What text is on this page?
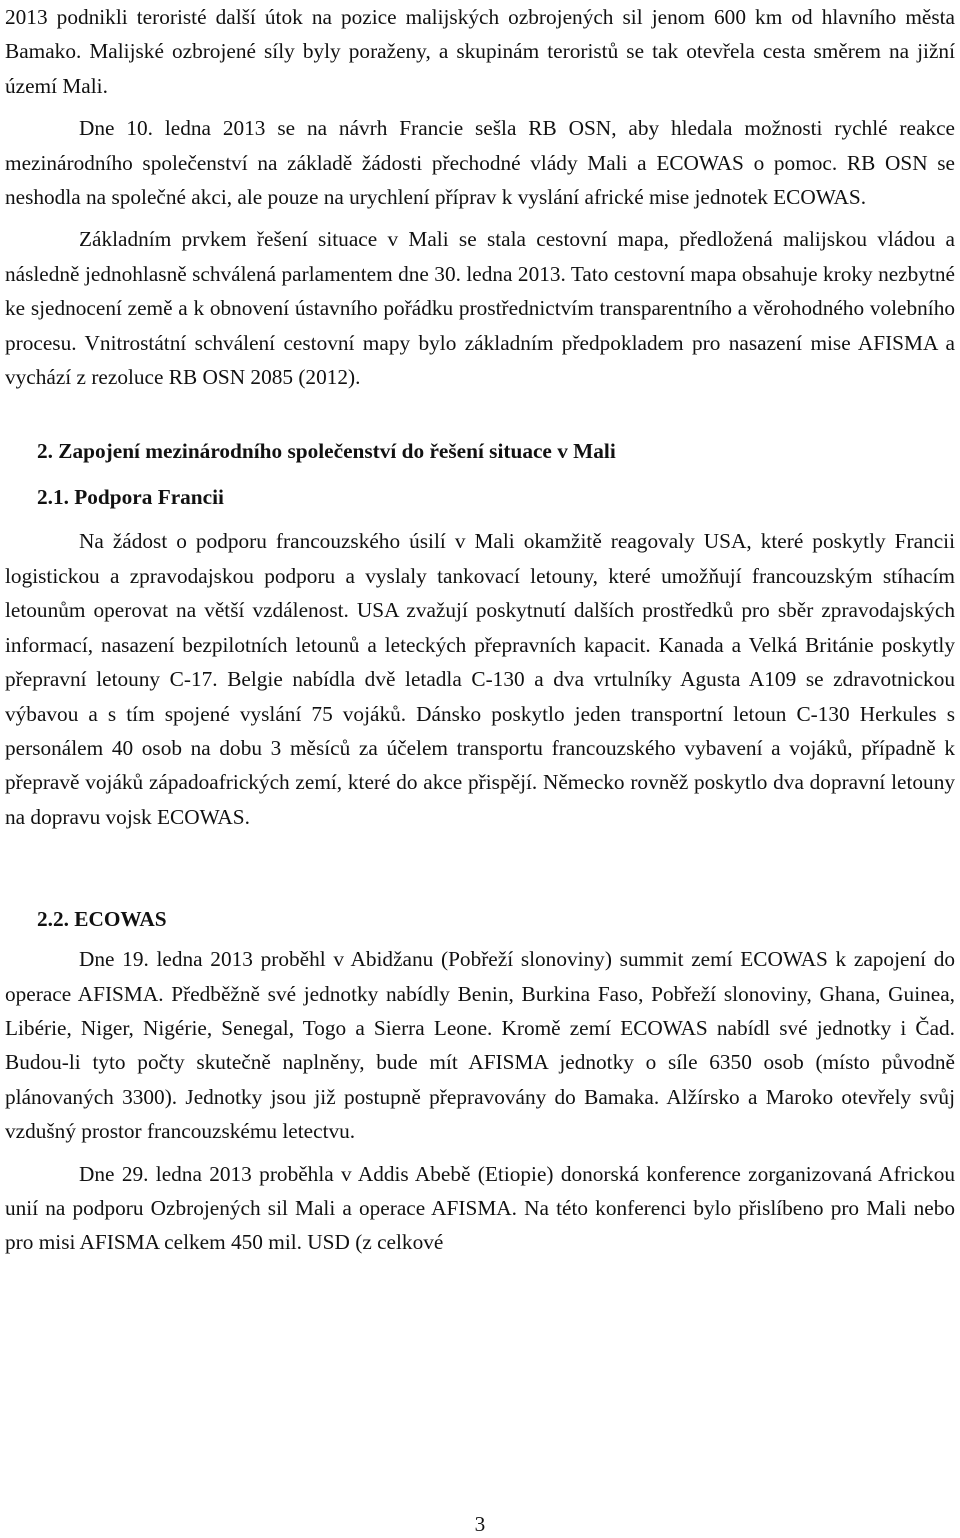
2013 podnikli teroristé další útok na pozice malijských ozbrojených sil jenom 600 km od hlavního města Bamako. Malijské ozbrojené síly byly poraženy, a skupinám teroristů se tak otevřela cesta směrem na jižní území Mali.

Dne 10. ledna 2013 se na návrh Francie sešla RB OSN, aby hledala možnosti rychlé reakce mezinárodního společenství na základě žádosti přechodné vlády Mali a ECOWAS o pomoc. RB OSN se neshodla na společné akci, ale pouze na urychlení příprav k vyslání africké mise jednotek ECOWAS.

Základním prvkem řešení situace v Mali se stala cestovní mapa, předložená malijskou vládou a následně jednohlasně schválená parlamentem dne 30. ledna 2013. Tato cestovní mapa obsahuje kroky nezbytné ke sjednocení země a k obnovení ústavního pořádku prostřednictvím transparentního a věrohodného volebního procesu. Vnitrostátní schválení cestovní mapy bylo základním předpokladem pro nasazení mise AFISMA a vychází z rezoluce RB OSN 2085 (2012).

2. Zapojení mezinárodního společenství do řešení situace v Mali

2.1. Podpora Francii

Na žádost o podporu francouzského úsilí v Mali okamžitě reagovaly USA, které poskytly Francii logistickou a zpravodajskou podporu a vyslaly tankovací letouny, které umožňují francouzským stíhacím letounům operovat na větší vzdálenost. USA zvažují poskytnutí dalších prostředků pro sběr zpravodajských informací, nasazení bezpilotních letounů a leteckých přepravních kapacit. Kanada a Velká Británie poskytly přepravní letouny C-17. Belgie nabídla dvě letadla C-130 a dva vrtulníky Agusta A109 se zdravotnickou výbavou a s tím spojené vyslání 75 vojáků. Dánsko poskytlo jeden transportní letoun C-130 Herkules s personálem 40 osob na dobu 3 měsíců za účelem transportu francouzského vybavení a vojáků, případně k přepravě vojáků západoafrických zemí, které do akce přispějí. Německo rovněž poskytlo dva dopravní letouny na dopravu vojsk ECOWAS.

2.2. ECOWAS

Dne 19. ledna 2013 proběhl v Abidžanu (Pobřeží slonoviny) summit zemí ECOWAS k zapojení do operace AFISMA. Předběžně své jednotky nabídly Benin, Burkina Faso, Pobřeží slonoviny, Ghana, Guinea, Libérie, Niger, Nigérie, Senegal, Togo a Sierra Leone. Kromě zemí ECOWAS nabídl své jednotky i Čad. Budou-li tyto počty skutečně naplněny, bude mít AFISMA jednotky o síle 6350 osob (místo původně plánovaných 3300). Jednotky jsou již postupně přepravovány do Bamaka. Alžírsko a Maroko otevřely svůj vzdušný prostor francouzskému letectvu.

Dne 29. ledna 2013 proběhla v Addis Abebě (Etiopie) donorská konference zorganizovaná Africkou unií na podporu Ozbrojených sil Mali a operace AFISMA. Na této konferenci bylo přislíbeno pro Mali nebo pro misi AFISMA celkem 450 mil. USD (z celkové

3
